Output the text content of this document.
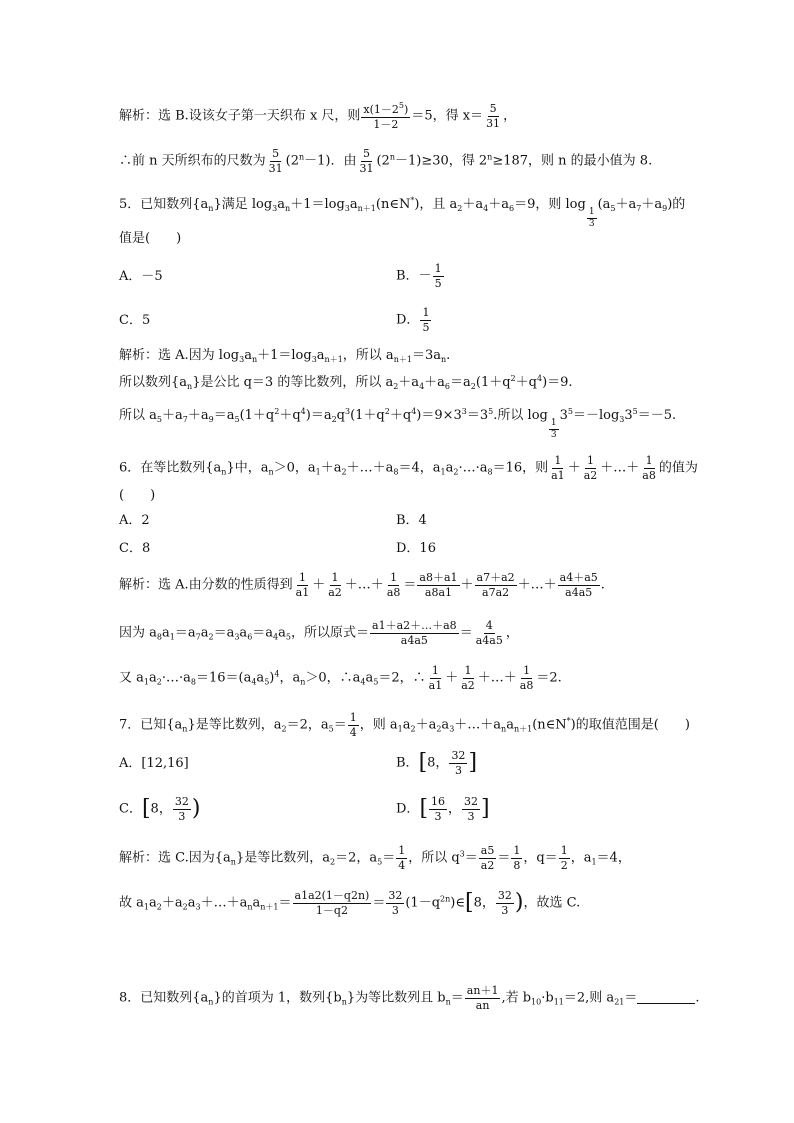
解析：选 B.设该女子第一天织布 x 尺，则 $\frac{x(1-2^5)}{1-2} =5$，得 $x= \frac{5}{31}$ ，
∴前 n 天所织布的尺数为 $\frac{5}{31} (2^n-1)$．由 $\frac{5}{31} (2^n-1)\ge 30$，得 $2^n\ge 187$，则 n 的最小值为 8.
5．已知数列$\{a_n\}$满足 $\log_3a_n+1=\log_3a_{n+1}(n\in N^*)$，且 $a_2+a_4+a_6=9$，则 log
$\frac{1}{3}$
$(a_5+a_7+a_9)$的
值是(　　)
A．－5	B．－ $\frac{1}{5}$
C．5	D． $\frac{1}{5}$
解析：选 A.因为 $\log_3a_n+1=\log_3a_{n+1}$，所以 $a_{n+1}=3a_n$.
所以数列$\{a_n\}$是公比 q＝3 的等比数列，所以 $a_2+a_4+a_6=a_2(1+q^2+q^4)=9$.
所以 $a_5+a_7+a_9=a_5(1+q^2+q^4)=a_2q^3(1+q^2+q^4)=9\times 3^3=3^5$.所以 log
$\frac{1}{3}$
$3^5=-\log_33^5=-5$.
6．在等比数列$\{a_n\}$中，$a_n>0$，$a_1+a_2+\dots+a_8=4$，$a_1a_2\cdot\dots\cdot a_8=16$，则 $\frac{1}{a1} + \frac{1}{a2}$ ＋…＋ $\frac{1}{a8}$ 的值为
(　　)
A．2	B．4
C．8	D．16
解析：选 A.由分数的性质得到 $\frac{1}{a1} + \frac{1}{a2}$ ＋…＋ $\frac{1}{a8} = \frac{a8+a1}{a8a1} + \frac{a7+a2}{a7a2}$ ＋…＋ $\frac{a4+a5}{a4a5}$ .
因为 $a_8a_1=a_7a_2=a_3a_6=a_4a_5$，所以原式＝ $\frac{a1+a2+\dots+a8}{a4a5} = \frac{4}{a4a5}$ ，
又 $a_1a_2\cdot\dots\cdot a_8=16=(a_4a_5)^4$，$a_n>0$，$\therefore a_4a_5=2$，∴ $\frac{1}{a1} + \frac{1}{a2}$ ＋…＋ $\frac{1}{a8} =2$.
7．已知$\{a_n\}$是等比数列，$a_2=2$，$a_5= \frac{1}{4}$ ，则 $a_1a_2+a_2a_3+\dots+a_na_{n+1}(n\in N^*)$的取值范围是(　　)
A．[12,16]	B．[8， $\frac{32}{3}$ ]
C．[8， $\frac{32}{3}$ )	D．[ $\frac{16}{3}$ ， $\frac{32}{3}$ ]
解析：选 C.因为$\{a_n\}$是等比数列，$a_2=2$，$a_5= \frac{1}{4}$ ，所以 $q^3= \frac{a5}{a2} = \frac{1}{8}$ ，$q= \frac{1}{2}$ ，$a_1=4$，
故 $a_1a_2+a_2a_3+\dots+a_na_{n+1}= \frac{a1a2(1-q2n)}{1-q2} = \frac{32}{3}$ $(1-q^{2n})\in[8$， $\frac{32}{3}$ )，故选 C.
8．已知数列$\{a_n\}$的首项为 1，数列$\{b_n\}$为等比数列且 $b_n= \frac{an+1}{an}$ ,若 $b_{10}\cdot b_{11}=2$,则 $a_{21}=$	.
